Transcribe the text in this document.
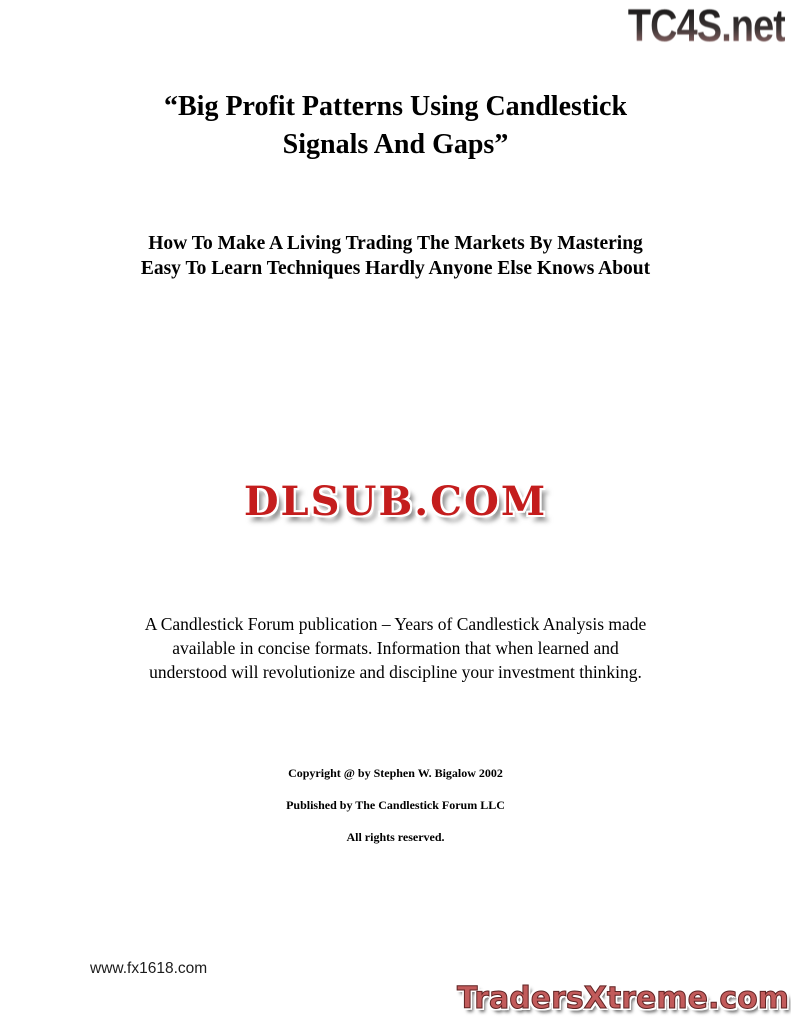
TC4S.net
“Big Profit Patterns Using Candlestick
Signals And Gaps”
How To Make A Living Trading The Markets By Mastering
Easy To Learn Techniques Hardly Anyone Else Knows About
DLSUB.COM
A Candlestick Forum publication – Years of Candlestick Analysis made
available in concise formats. Information that when learned and
understood will revolutionize and discipline your investment thinking.
Copyright @ by Stephen W. Bigalow 2002
Published by The Candlestick Forum LLC
All rights reserved.
www.fx1618.com
TradersXtreme.com
